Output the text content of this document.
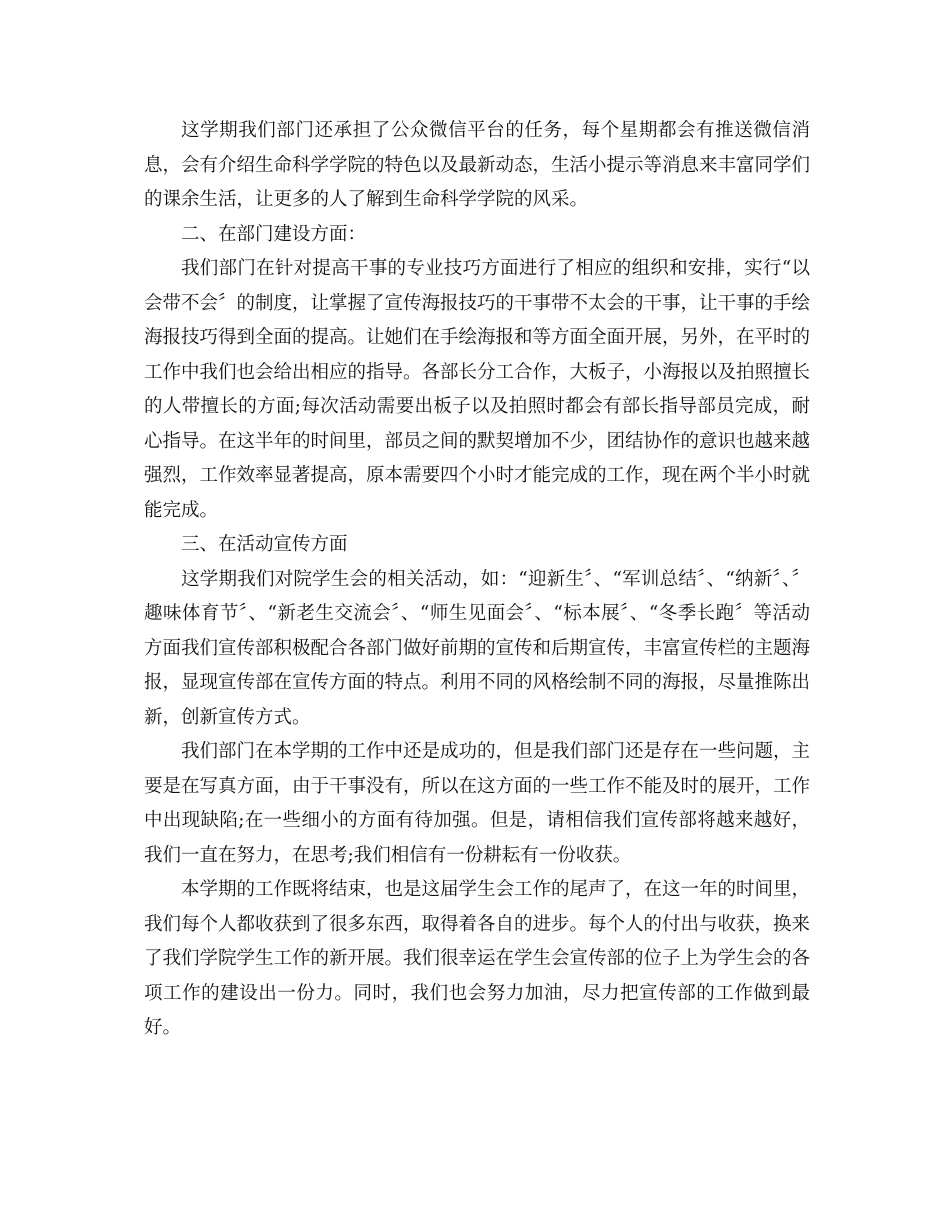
这学期我们部门还承担了公众微信平台的任务，每个星期都会有推送微信消息，会有介绍生命科学学院的特色以及最新动态，生活小提示等消息来丰富同学们的课余生活，让更多的人了解到生命科学学院的风采。

二、在部门建设方面：

我们部门在针对提高干事的专业技巧方面进行了相应的组织和安排，实行“以会带不会〞的制度，让掌握了宣传海报技巧的干事带不太会的干事，让干事的手绘海报技巧得到全面的提高。让她们在手绘海报和等方面全面开展，另外，在平时的工作中我们也会给出相应的指导。各部长分工合作，大板子，小海报以及拍照擅长的人带擅长的方面;每次活动需要出板子以及拍照时都会有部长指导部员完成，耐心指导。在这半年的时间里，部员之间的默契增加不少，团结协作的意识也越来越强烈，工作效率显著提高，原本需要四个小时才能完成的工作，现在两个半小时就能完成。

三、在活动宣传方面

这学期我们对院学生会的相关活动，如：“迎新生〞、“军训总结〞、“纳新〞、〞趣味体育节〞、“新老生交流会〞、“师生见面会〞、“标本展〞、“冬季长跑〞等活动方面我们宣传部积极配合各部门做好前期的宣传和后期宣传，丰富宣传栏的主题海报，显现宣传部在宣传方面的特点。利用不同的风格绘制不同的海报，尽量推陈出新，创新宣传方式。

我们部门在本学期的工作中还是成功的，但是我们部门还是存在一些问题，主要是在写真方面，由于干事没有，所以在这方面的一些工作不能及时的展开，工作中出现缺陷;在一些细小的方面有待加强。但是，请相信我们宣传部将越来越好，我们一直在努力，在思考;我们相信有一份耕耘有一份收获。

本学期的工作既将结束，也是这届学生会工作的尾声了，在这一年的时间里，我们每个人都收获到了很多东西，取得着各自的进步。每个人的付出与收获，换来了我们学院学生工作的新开展。我们很幸运在学生会宣传部的位子上为学生会的各项工作的建设出一份力。同时，我们也会努力加油，尽力把宣传部的工作做到最好。
